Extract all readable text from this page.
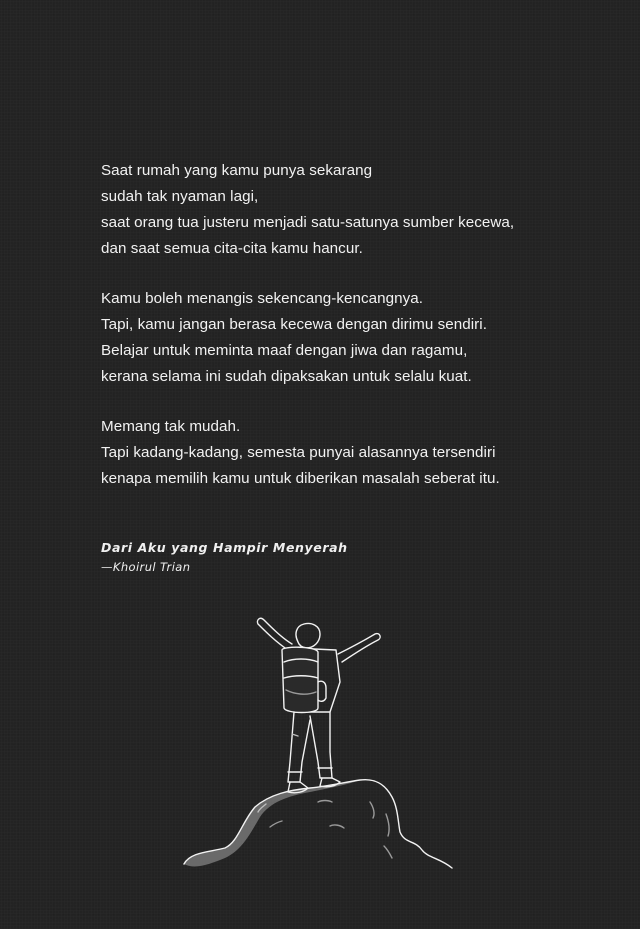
Saat rumah yang kamu punya sekarang
sudah tak nyaman lagi,
saat orang tua justeru menjadi satu-satunya sumber kecewa,
dan saat semua cita-cita kamu hancur.
Kamu boleh menangis sekencang-kencangnya.
Tapi, kamu jangan berasa kecewa dengan dirimu sendiri.
Belajar untuk meminta maaf dengan jiwa dan ragamu,
kerana selama ini sudah dipaksakan untuk selalu kuat.
Memang tak mudah.
Tapi kadang-kadang, semesta punyai alasannya tersendiri
kenapa memilih kamu untuk diberikan masalah seberat itu.
Dari Aku yang Hampir Menyerah
—Khoirul Trian
